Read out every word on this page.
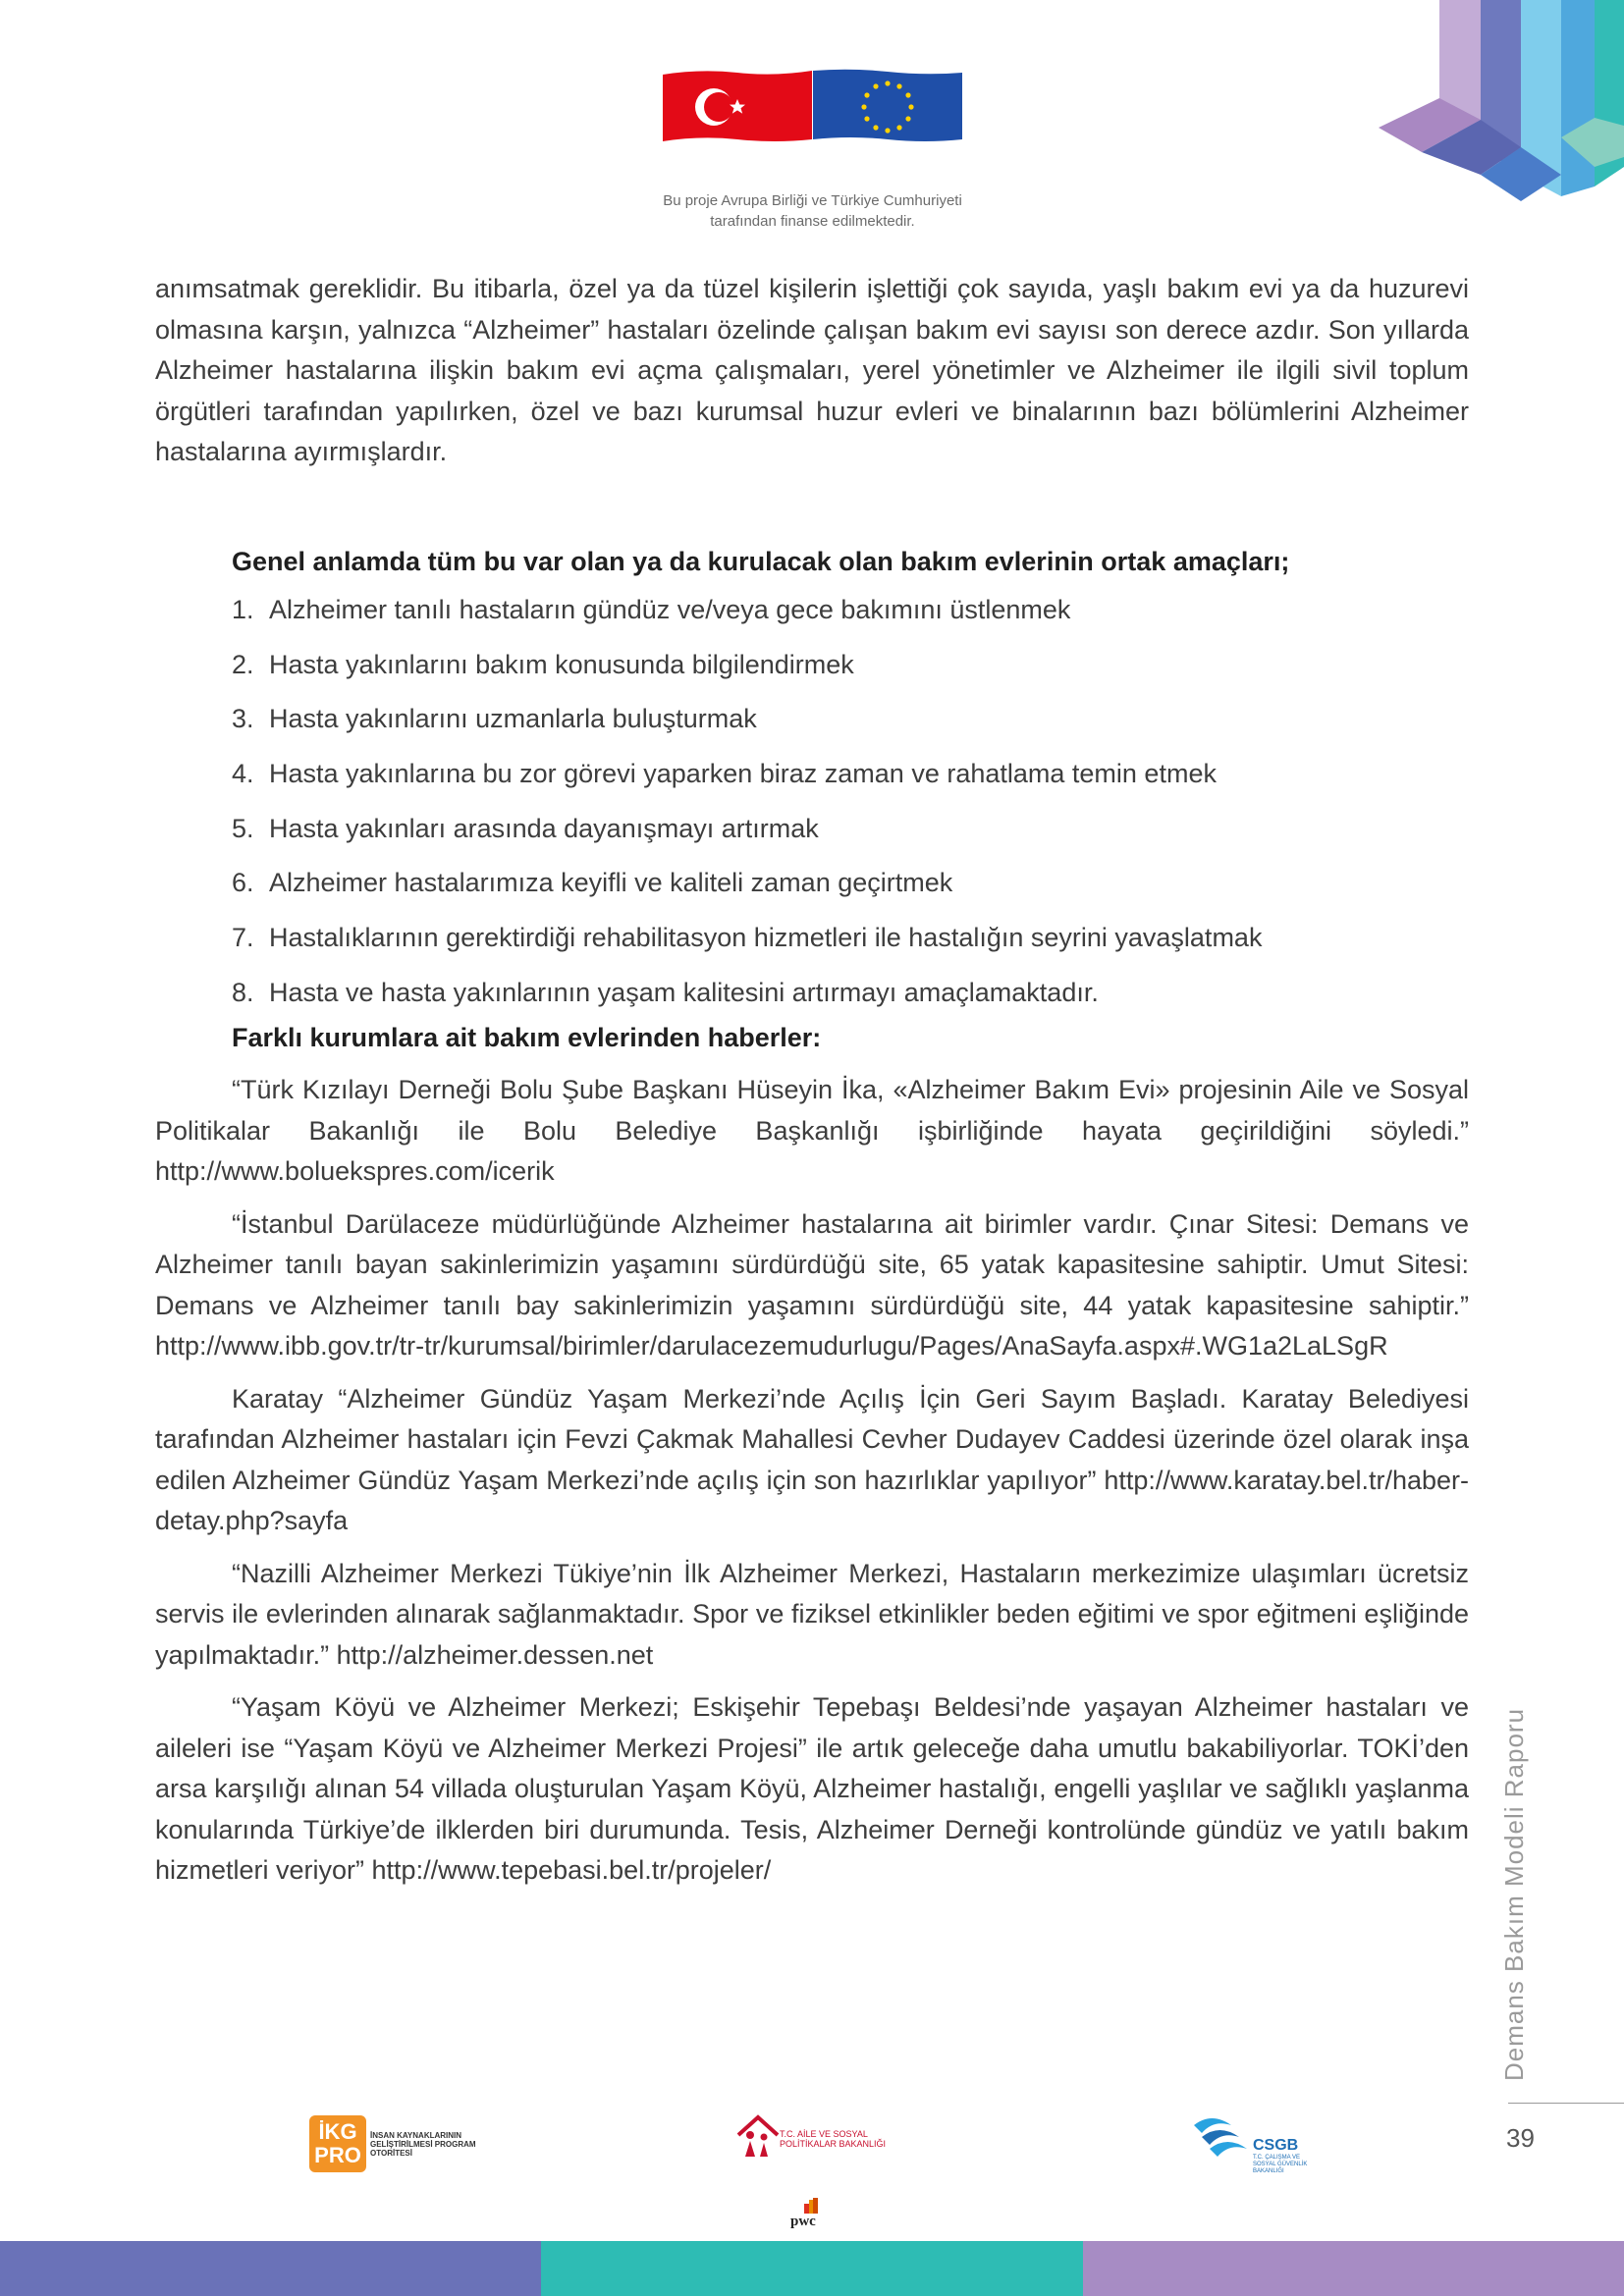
Bu proje Avrupa Birliği ve Türkiye Cumhuriyeti
tarafından finanse edilmektedir.

anımsatmak gereklidir. Bu itibarla, özel ya da tüzel kişilerin işlettiği çok sayıda, yaşlı bakım evi ya da huzurevi olmasına karşın, yalnızca “Alzheimer” hastaları özelinde çalışan bakım evi sayısı son derece azdır. Son yıllarda Alzheimer hastalarına ilişkin bakım evi açma çalışmaları, yerel yönetimler ve Alzheimer ile ilgili sivil toplum örgütleri tarafından yapılırken, özel ve bazı kurumsal huzur evleri ve binalarının bazı bölümlerini Alzheimer hastalarına ayırmışlardır.

Genel anlamda tüm bu var olan ya da kurulacak olan bakım evlerinin ortak amaçları;

1. Alzheimer tanılı hastaların gündüz ve/veya gece bakımını üstlenmek
2. Hasta yakınlarını bakım konusunda bilgilendirmek
3. Hasta yakınlarını uzmanlarla buluşturmak
4. Hasta yakınlarına bu zor görevi yaparken biraz zaman ve rahatlama temin etmek
5. Hasta yakınları arasında dayanışmayı artırmak
6. Alzheimer hastalarımıza keyifli ve kaliteli zaman geçirtmek
7. Hastalıklarının gerektirdiği rehabilitasyon hizmetleri ile hastalığın seyrini yavaşlatmak
8. Hasta ve hasta yakınlarının yaşam kalitesini artırmayı amaçlamaktadır.

Farklı kurumlara ait bakım evlerinden haberler:

“Türk Kızılayı Derneği Bolu Şube Başkanı Hüseyin İka, «Alzheimer Bakım Evi» projesinin Aile ve Sosyal Politikalar Bakanlığı ile Bolu Belediye Başkanlığı işbirliğinde hayata geçirildiğini söyledi.” http://www.boluekspres.com/icerik

“İstanbul Darülaceze müdürlüğünde Alzheimer hastalarına ait birimler vardır. Çınar Sitesi: Demans ve Alzheimer tanılı bayan sakinlerimizin yaşamını sürdürdüğü site, 65 yatak kapasitesine sahiptir. Umut Sitesi: Demans ve Alzheimer tanılı bay sakinlerimizin yaşamını sürdürdüğü site, 44 yatak kapasitesine sahiptir.” http://www.ibb.gov.tr/tr-tr/kurumsal/birimler/darulacezemudurlugu/Pages/AnaSayfa.aspx#.WG1a2LaLSgR

Karatay “Alzheimer Gündüz Yaşam Merkezi’nde Açılış İçin Geri Sayım Başladı. Karatay Belediyesi tarafından Alzheimer hastaları için Fevzi Çakmak Mahallesi Cevher Dudayev Caddesi üzerinde özel olarak inşa edilen Alzheimer Gündüz Yaşam Merkezi’nde açılış için son hazırlıklar yapılıyor” http://www.karatay.bel.tr/haber-detay.php?sayfa

“Nazilli Alzheimer Merkezi Tükiye’nin İlk Alzheimer Merkezi, Hastaların merkezimize ulaşımları ücretsiz servis ile evlerinden alınarak sağlanmaktadır. Spor ve fiziksel etkinlikler beden eğitimi ve spor eğitmeni eşliğinde yapılmaktadır.” http://alzheimer.dessen.net

“Yaşam Köyü ve Alzheimer Merkezi; Eskişehir Tepebaşı Beldesi’nde yaşayan Alzheimer hastaları ve aileleri ise “Yaşam Köyü ve Alzheimer Merkezi Projesi” ile artık geleceğe daha umutlu bakabiliyorlar. TOKİ’den arsa karşılığı alınan 54 villada oluşturulan Yaşam Köyü, Alzheimer hastalığı, engelli yaşlılar ve sağlıklı yaşlanma konularında Türkiye’de ilklerden biri durumunda. Tesis, Alzheimer Derneği kontrolünde gündüz ve yatılı bakım hizmetleri veriyor” http://www.tepebasi.bel.tr/projeler/	Demans Bakım Modeli Raporu
39
İKG PROİNSAN KAYNAKLARININ GELİŞTİRİLMESİ PROGRAM OTORİTESİ
T.C. AİLE VE SOSYAL POLİTİKALAR BAKANLIĞI	CSGB
T.C. ÇALIŞMA VE SOSYAL GÜVENLİK BAKANLIĞI
pwc
